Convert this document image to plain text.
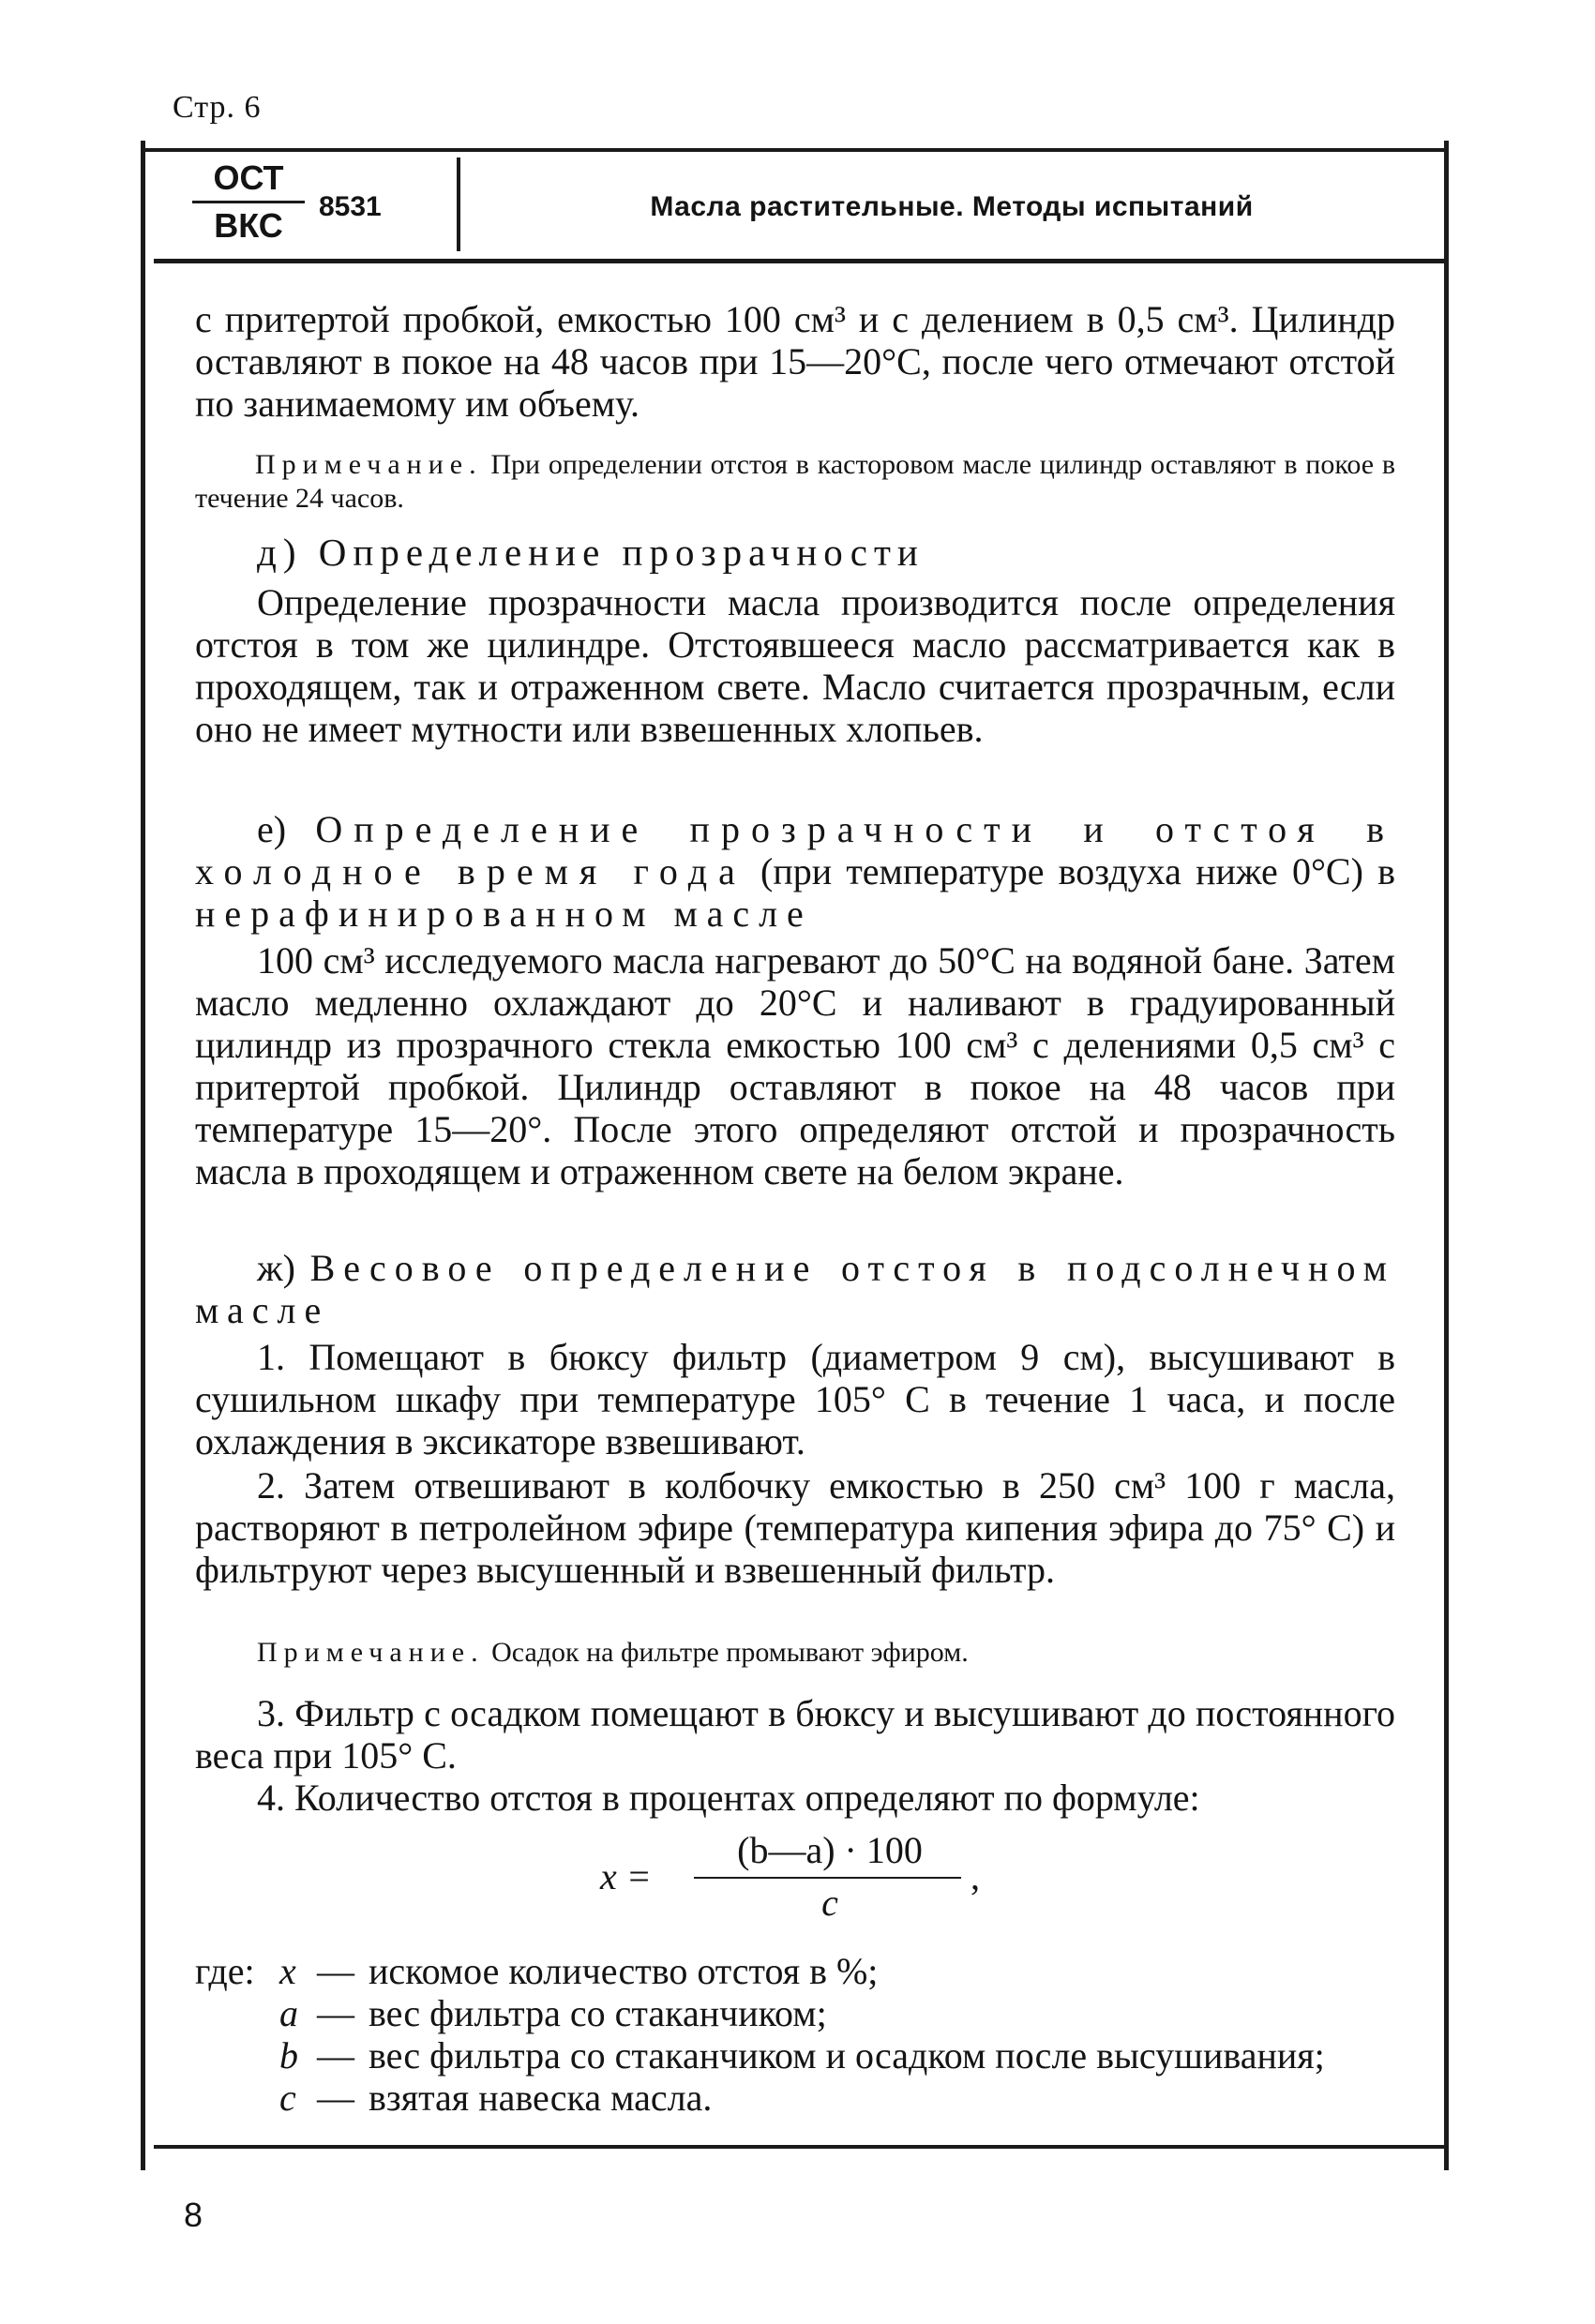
Стр. 6
ОСТ
ВКС	8531	Масла растительные. Методы испытаний
с притертой пробкой, емкостью 100 см³ и с делением в 0,5 см³. Цилиндр оставляют в покое на 48 часов при 15—20°С, после чего отмечают отстой по занимаемому им объему.
Примечание. При определении отстоя в касторовом масле цилиндр оставляют в покое в течение 24 часов.
д) Определение прозрачности
Определение прозрачности масла производится после определения отстоя в том же цилиндре. Отстоявшееся масло рассматривается как в проходящем, так и отраженном свете. Масло считается прозрачным, если оно не имеет мутности или взвешенных хлопьев.
е) Определение прозрачности и отстоя в холодное время года (при температуре воздуха ниже 0°С) в нерафинированном масле
100 см³ исследуемого масла нагревают до 50°С на водяной бане. Затем масло медленно охлаждают до 20°С и наливают в градуированный цилиндр из прозрачного стекла емкостью 100 см³ с делениями 0,5 см³ с притертой пробкой. Цилиндр оставляют в покое на 48 часов при температуре 15—20°. После этого определяют отстой и прозрачность масла в проходящем и отраженном свете на белом экране.
ж) Весовое определение отстоя в подсолнечном масле
1. Помещают в бюксу фильтр (диаметром 9 см), высушивают в сушильном шкафу при температуре 105° С в течение 1 часа, и после охлаждения в эксикаторе взвешивают.
2. Затем отвешивают в колбочку емкостью в 250 см³ 100 г масла, растворяют в петролейном эфире (температура кипения эфира до 75° С) и фильтруют через высушенный и взвешенный фильтр.
Примечание. Осадок на фильтре промывают эфиром.
3. Фильтр с осадком помещают в бюксу и высушивают до постоянного веса при 105° С.
4. Количество отстоя в процентах определяют по формуле:
x =
(b—a) · 100
c
,
где: x — искомое количество отстоя в %;
a — вес фильтра со стаканчиком;
b — вес фильтра со стаканчиком и осадком после высушивания;
c — взятая навеска масла.
8
